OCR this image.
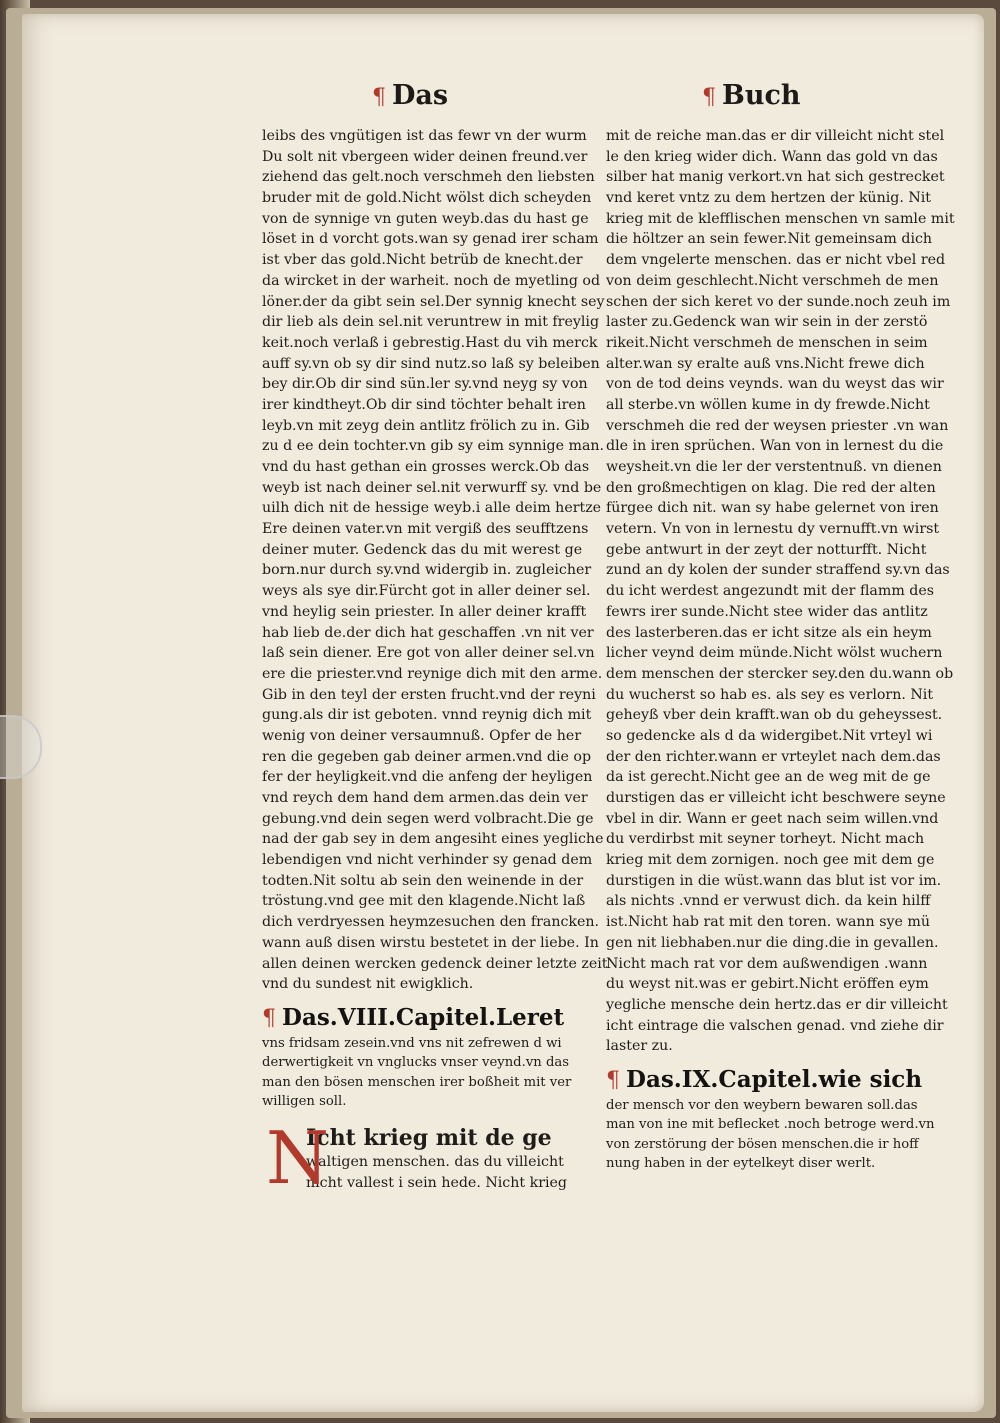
¶ Das	¶ Buch
leibs des vngütigen ist das fewr vn der wurm
Du solt nit vbergeen wider deinen freund.ver
ziehend das gelt.noch verschmeh den liebsten
bruder mit de gold.Nicht wölst dich scheyden
von de synnige vn guten weyb.das du hast ge
löset in d vorcht gots.wan sy genad irer scham
ist vber das gold.Nicht betrüb de knecht.der
da wircket in der warheit. noch de myetling od
löner.der da gibt sein sel.Der synnig knecht sey
dir lieb als dein sel.nit veruntrew in mit freylig
keit.noch verlaß i gebrestig.Hast du vih merck
auff sy.vn ob sy dir sind nutz.so laß sy beleiben
bey dir.Ob dir sind sün.ler sy.vnd neyg sy von
irer kindtheyt.Ob dir sind töchter behalt iren
leyb.vn mit zeyg dein antlitz frölich zu in. Gib
zu d ee dein tochter.vn gib sy eim synnige man.
vnd du hast gethan ein grosses werck.Ob das
weyb ist nach deiner sel.nit verwurff sy. vnd be
uilh dich nit de hessige weyb.i alle deim hertze
Ere deinen vater.vn mit vergiß des seufftzens
deiner muter. Gedenck das du mit werest ge
born.nur durch sy.vnd widergib in. zugleicher
weys als sye dir.Fürcht got in aller deiner sel.
vnd heylig sein priester. In aller deiner krafft
hab lieb de.der dich hat geschaffen .vn nit ver
laß sein diener. Ere got von aller deiner sel.vn
ere die priester.vnd reynige dich mit den arme.
Gib in den teyl der ersten frucht.vnd der reyni
gung.als dir ist geboten. vnnd reynig dich mit
wenig von deiner versaumnuß. Opfer de her
ren die gegeben gab deiner armen.vnd die op
fer der heyligkeit.vnd die anfeng der heyligen
vnd reych dem hand dem armen.das dein ver
gebung.vnd dein segen werd volbracht.Die ge
nad der gab sey in dem angesiht eines yegliche
lebendigen vnd nicht verhinder sy genad dem
todten.Nit soltu ab sein den weinende in der
tröstung.vnd gee mit den klagende.Nicht laß
dich verdryessen heymzesuchen den francken.
wann auß disen wirstu bestetet in der liebe. In
allen deinen wercken gedenck deiner letzte zeit
vnd du sundest nit ewigklich.
¶ Das.VIII.Capitel.Leret
vns fridsam zesein.vnd vns nit zefrewen d wi
derwertigkeit vn vnglucks vnser veynd.vn das
man den bösen menschen irer boßheit mit ver
willigen soll.
N
Icht krieg mit de ge
waltigen menschen. das du villeicht
nicht vallest i sein hede. Nicht krieg
mit de reiche man.das er dir villeicht nicht stel
le den krieg wider dich. Wann das gold vn das
silber hat manig verkort.vn hat sich gestrecket
vnd keret vntz zu dem hertzen der künig. Nit
krieg mit de klefflischen menschen vn samle mit
die höltzer an sein fewer.Nit gemeinsam dich
dem vngelerte menschen. das er nicht vbel red
von deim geschlecht.Nicht verschmeh de men
schen der sich keret vo der sunde.noch zeuh im
laster zu.Gedenck wan wir sein in der zerstö
rikeit.Nicht verschmeh de menschen in seim
alter.wan sy eralte auß vns.Nicht frewe dich
von de tod deins veynds. wan du weyst das wir
all sterbe.vn wöllen kume in dy frewde.Nicht
verschmeh die red der weysen priester .vn wan
dle in iren sprüchen. Wan von in lernest du die
weysheit.vn die ler der verstentnuß. vn dienen
den großmechtigen on klag. Die red der alten
fürgee dich nit. wan sy habe gelernet von iren
vetern. Vn von in lernestu dy vernufft.vn wirst
gebe antwurt in der zeyt der notturfft. Nicht
zund an dy kolen der sunder straffend sy.vn das
du icht werdest angezundt mit der flamm des
fewrs irer sunde.Nicht stee wider das antlitz
des lasterberen.das er icht sitze als ein heym
licher veynd deim münde.Nicht wölst wuchern
dem menschen der stercker sey.den du.wann ob
du wucherst so hab es. als sey es verlorn. Nit
geheyß vber dein krafft.wan ob du geheyssest.
so gedencke als d da widergibet.Nit vrteyl wi
der den richter.wann er vrteylet nach dem.das
da ist gerecht.Nicht gee an de weg mit de ge
durstigen das er villeicht icht beschwere seyne
vbel in dir. Wann er geet nach seim willen.vnd
du verdirbst mit seyner torheyt. Nicht mach
krieg mit dem zornigen. noch gee mit dem ge
durstigen in die wüst.wann das blut ist vor im.
als nichts .vnnd er verwust dich. da kein hilff
ist.Nicht hab rat mit den toren. wann sye mü
gen nit liebhaben.nur die ding.die in gevallen.
Nicht mach rat vor dem außwendigen .wann
du weyst nit.was er gebirt.Nicht eröffen eym
yegliche mensche dein hertz.das er dir villeicht
icht eintrage die valschen genad. vnd ziehe dir
laster zu.
¶ Das.IX.Capitel.wie sich
der mensch vor den weybern bewaren soll.das
man von ine mit beflecket .noch betroge werd.vn
von zerstörung der bösen menschen.die ir hoff
nung haben in der eytelkeyt diser werlt.
